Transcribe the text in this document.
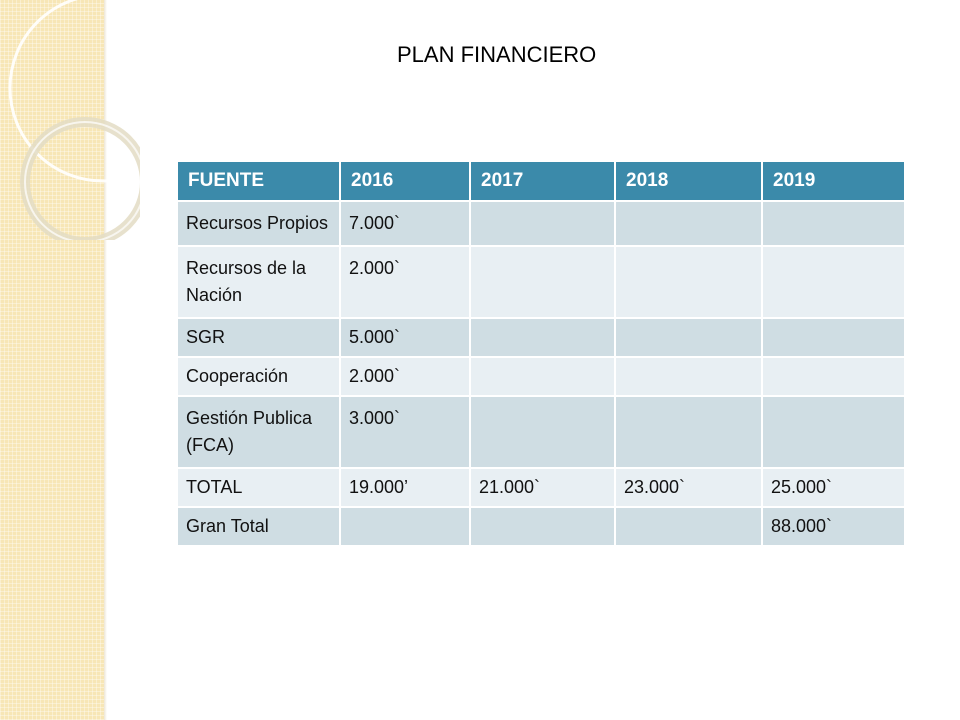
PLAN FINANCIERO
FUENTE	2016	2017	2018	2019
Recursos Propios	7.000`			
Recursos de la Nación	2.000`			
SGR	5.000`			
Cooperación	2.000`			
Gestión Publica (FCA)	3.000`			
TOTAL	19.000’	21.000`	23.000`	25.000`
Gran Total				88.000`
